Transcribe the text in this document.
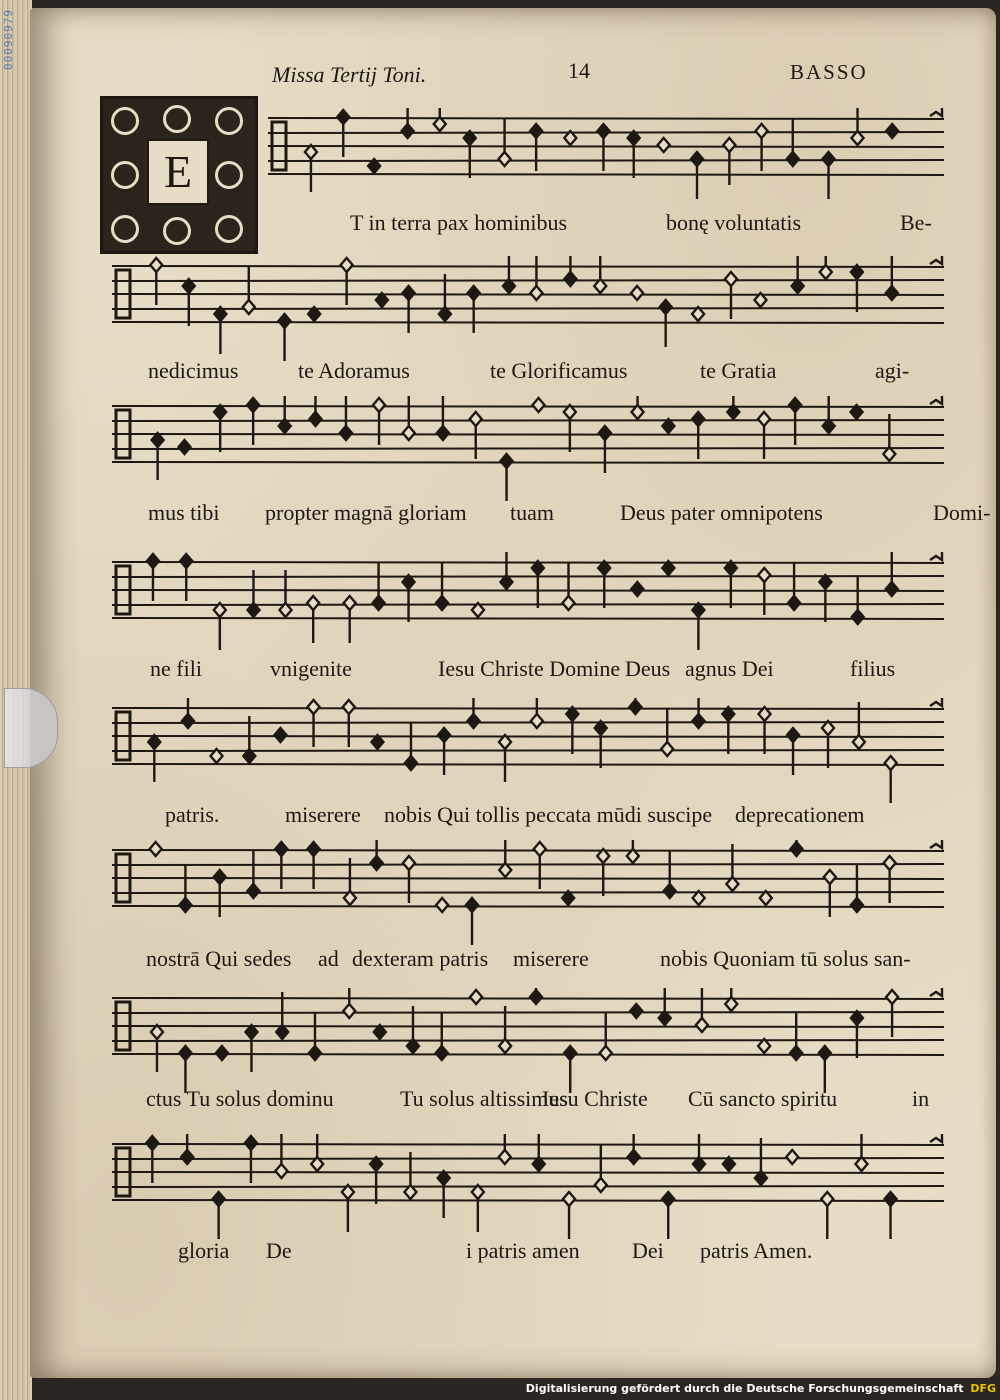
00090979
Missa Tertij Toni.	14	BASSO
E
T in terra pax hominibus	bonę voluntatis	Be-
nedicimus	te Adoramus	te Glorificamus	te Gratia	agi-
mus tibi propter magnā gloriam tuam	Deus pater omnipotens	Domi-
ne fili	vnigenite	Iesu Christe Domine Deus agnus Dei	filius
patris.	miserere nobis Qui tollis peccata mūdi suscipe deprecationem
nostrā Qui sedes ad dexteram patris miserere	nobis Quoniam tū solus san-
ctus Tu solus dominu	Tu solus altissimus
Iesu Christe Cū sancto spiritu	in
gloria De	i patris amen Dei patris Amen.
Digitalisierung gefördert durch die Deutsche Forschungsgemeinschaft DFG
